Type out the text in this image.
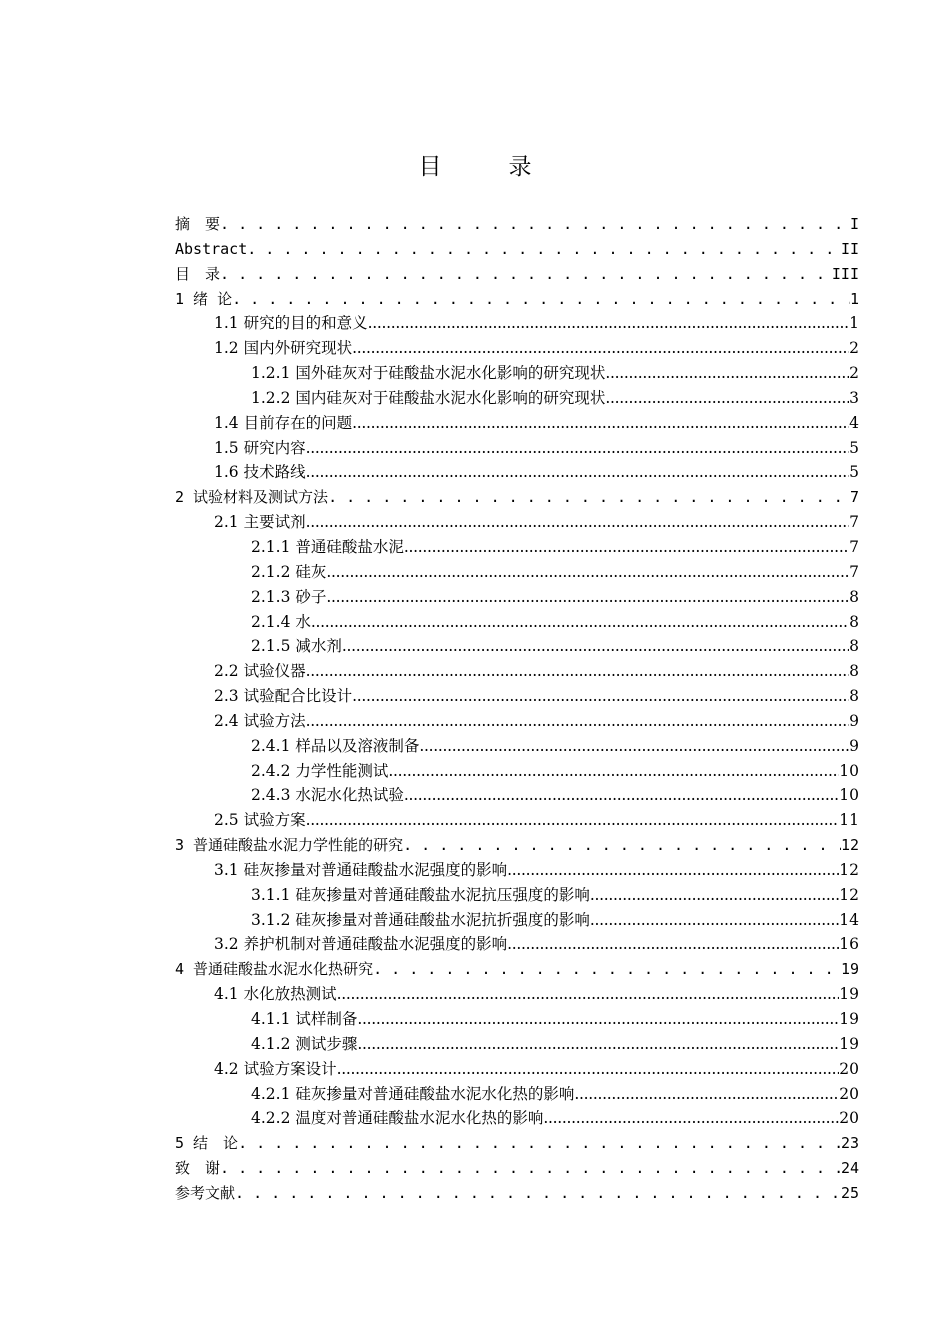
目　录
摘　要 . . .	I
Abstract . . .	II
目　录 . . .	III
1 绪 论 . . .	1
1.1 研究的目的和意义 .....	1
1.2 国内外研究现状 .....	2
1.2.1 国外硅灰对于硅酸盐水泥水化影响的研究现状 .....	2
1.2.2 国内硅灰对于硅酸盐水泥水化影响的研究现状 .....	3
1.4 目前存在的问题 .....	4
1.5 研究内容 .....	5
1.6 技术路线 .....	5
2 试验材料及测试方法 . . .	7
2.1 主要试剂 .....	7
2.1.1 普通硅酸盐水泥 .....	7
2.1.2 硅灰 .....	7
2.1.3 砂子 .....	8
2.1.4 水 .....	8
2.1.5 减水剂 .....	8
2.2 试验仪器 .....	8
2.3 试验配合比设计 .....	8
2.4 试验方法 .....	9
2.4.1 样品以及溶液制备 .....	9
2.4.2 力学性能测试 .....	10
2.4.3 水泥水化热试验 .....	10
2.5 试验方案 .....	11
3 普通硅酸盐水泥力学性能的研究 . . .	12
3.1 硅灰掺量对普通硅酸盐水泥强度的影响 .....	12
3.1.1 硅灰掺量对普通硅酸盐水泥抗压强度的影响 .....	12
3.1.2 硅灰掺量对普通硅酸盐水泥抗折强度的影响 .....	14
3.2 养护机制对普通硅酸盐水泥强度的影响 .....	16
4 普通硅酸盐水泥水化热研究 . . .	19
4.1 水化放热测试 .....	19
4.1.1 试样制备 .....	19
4.1.2 测试步骤 .....	19
4.2 试验方案设计 .....	20
4.2.1 硅灰掺量对普通硅酸盐水泥水化热的影响 .....	20
4.2.2 温度对普通硅酸盐水泥水化热的影响 .....	20
5 结　论 . . .	23
致　谢 . . .	24
参考文献 . . .	25
